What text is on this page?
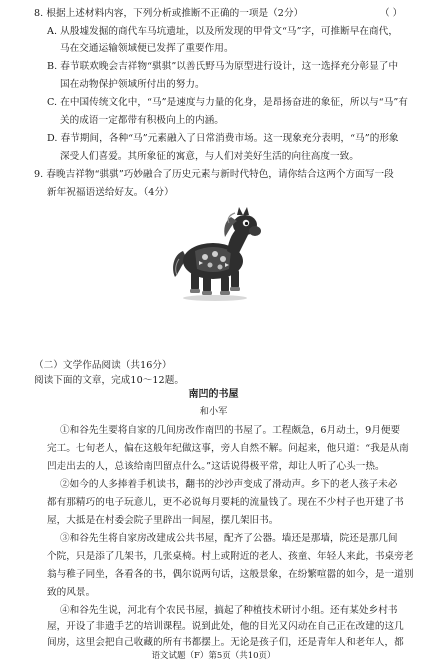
8. 根据上述材料内容，下列分析或推断不正确的一项是（2分）	（ ）
A. 从殷墟发掘的商代车马坑遗址，以及所发现的甲骨文“马”字，可推断早在商代，
马在交通运输领域便已发挥了重要作用。
B. 春节联欢晚会吉祥物“骐骐”以善氏野马为原型进行设计，这一选择充分彰显了中
国在动物保护领域所付出的努力。
C. 在中国传统文化中，“马”是速度与力量的化身，是昂扬奋进的象征，所以与“马”有
关的成语一定都带有积极向上的内涵。
D. 春节期间，各种“马”元素融入了日常消费市场。这一现象充分表明，“马”的形象
深受人们喜爱。其所象征的寓意，与人们对美好生活的向往高度一致。
9. 春晚吉祥物“骐骐”巧妙融合了历史元素与新时代特色，请你结合这两个方面写一段
新年祝福语送给好友。（4分）
（二）文学作品阅读（共16分）
阅读下面的文章，完成10～12题。
南凹的书屋
和小军
①和谷先生要将自家的几间房改作南凹的书屋了。工程颇急，6月动土，9月便要
完工。七旬老人，偏在这般年纪做这事，旁人自然不解。问起来，他只道：“我是从南
凹走出去的人，总该给南凹留点什么。”这话说得极平常，却让人听了心头一热。
②如今的人多捧着手机读书，翻书的沙沙声变成了滑动声。乡下的老人孩子未必
都有那精巧的电子玩意儿，更不必说每月要耗的流量钱了。现在不少村子也开建了书
屋，大抵是在村委会院子里辟出一间屋，摆几架旧书。
③和谷先生将自家房改建成公共书屋，配齐了公器。墙还是那墙，院还是那几间
个院，只是添了几架书，几张桌椅。村上或附近的老人、孩童、年轻人来此，书桌旁老
翁与稚子同坐，各看各的书，偶尔说两句话，这般景象，在纷繁喧嚣的如今，是一道别
致的风景。
④和谷先生说，河北有个农民书屋，搞起了种植技术研讨小组。还有某处乡村书
屋，开设了非遗手艺的培训课程。说到此处，他的目光又闪动在自己正在改建的这几
间房，这里会把自己收藏的所有书都摆上。无论是孩子们，还是青年人和老年人，都
语文试题（F）第5页（共10页）
